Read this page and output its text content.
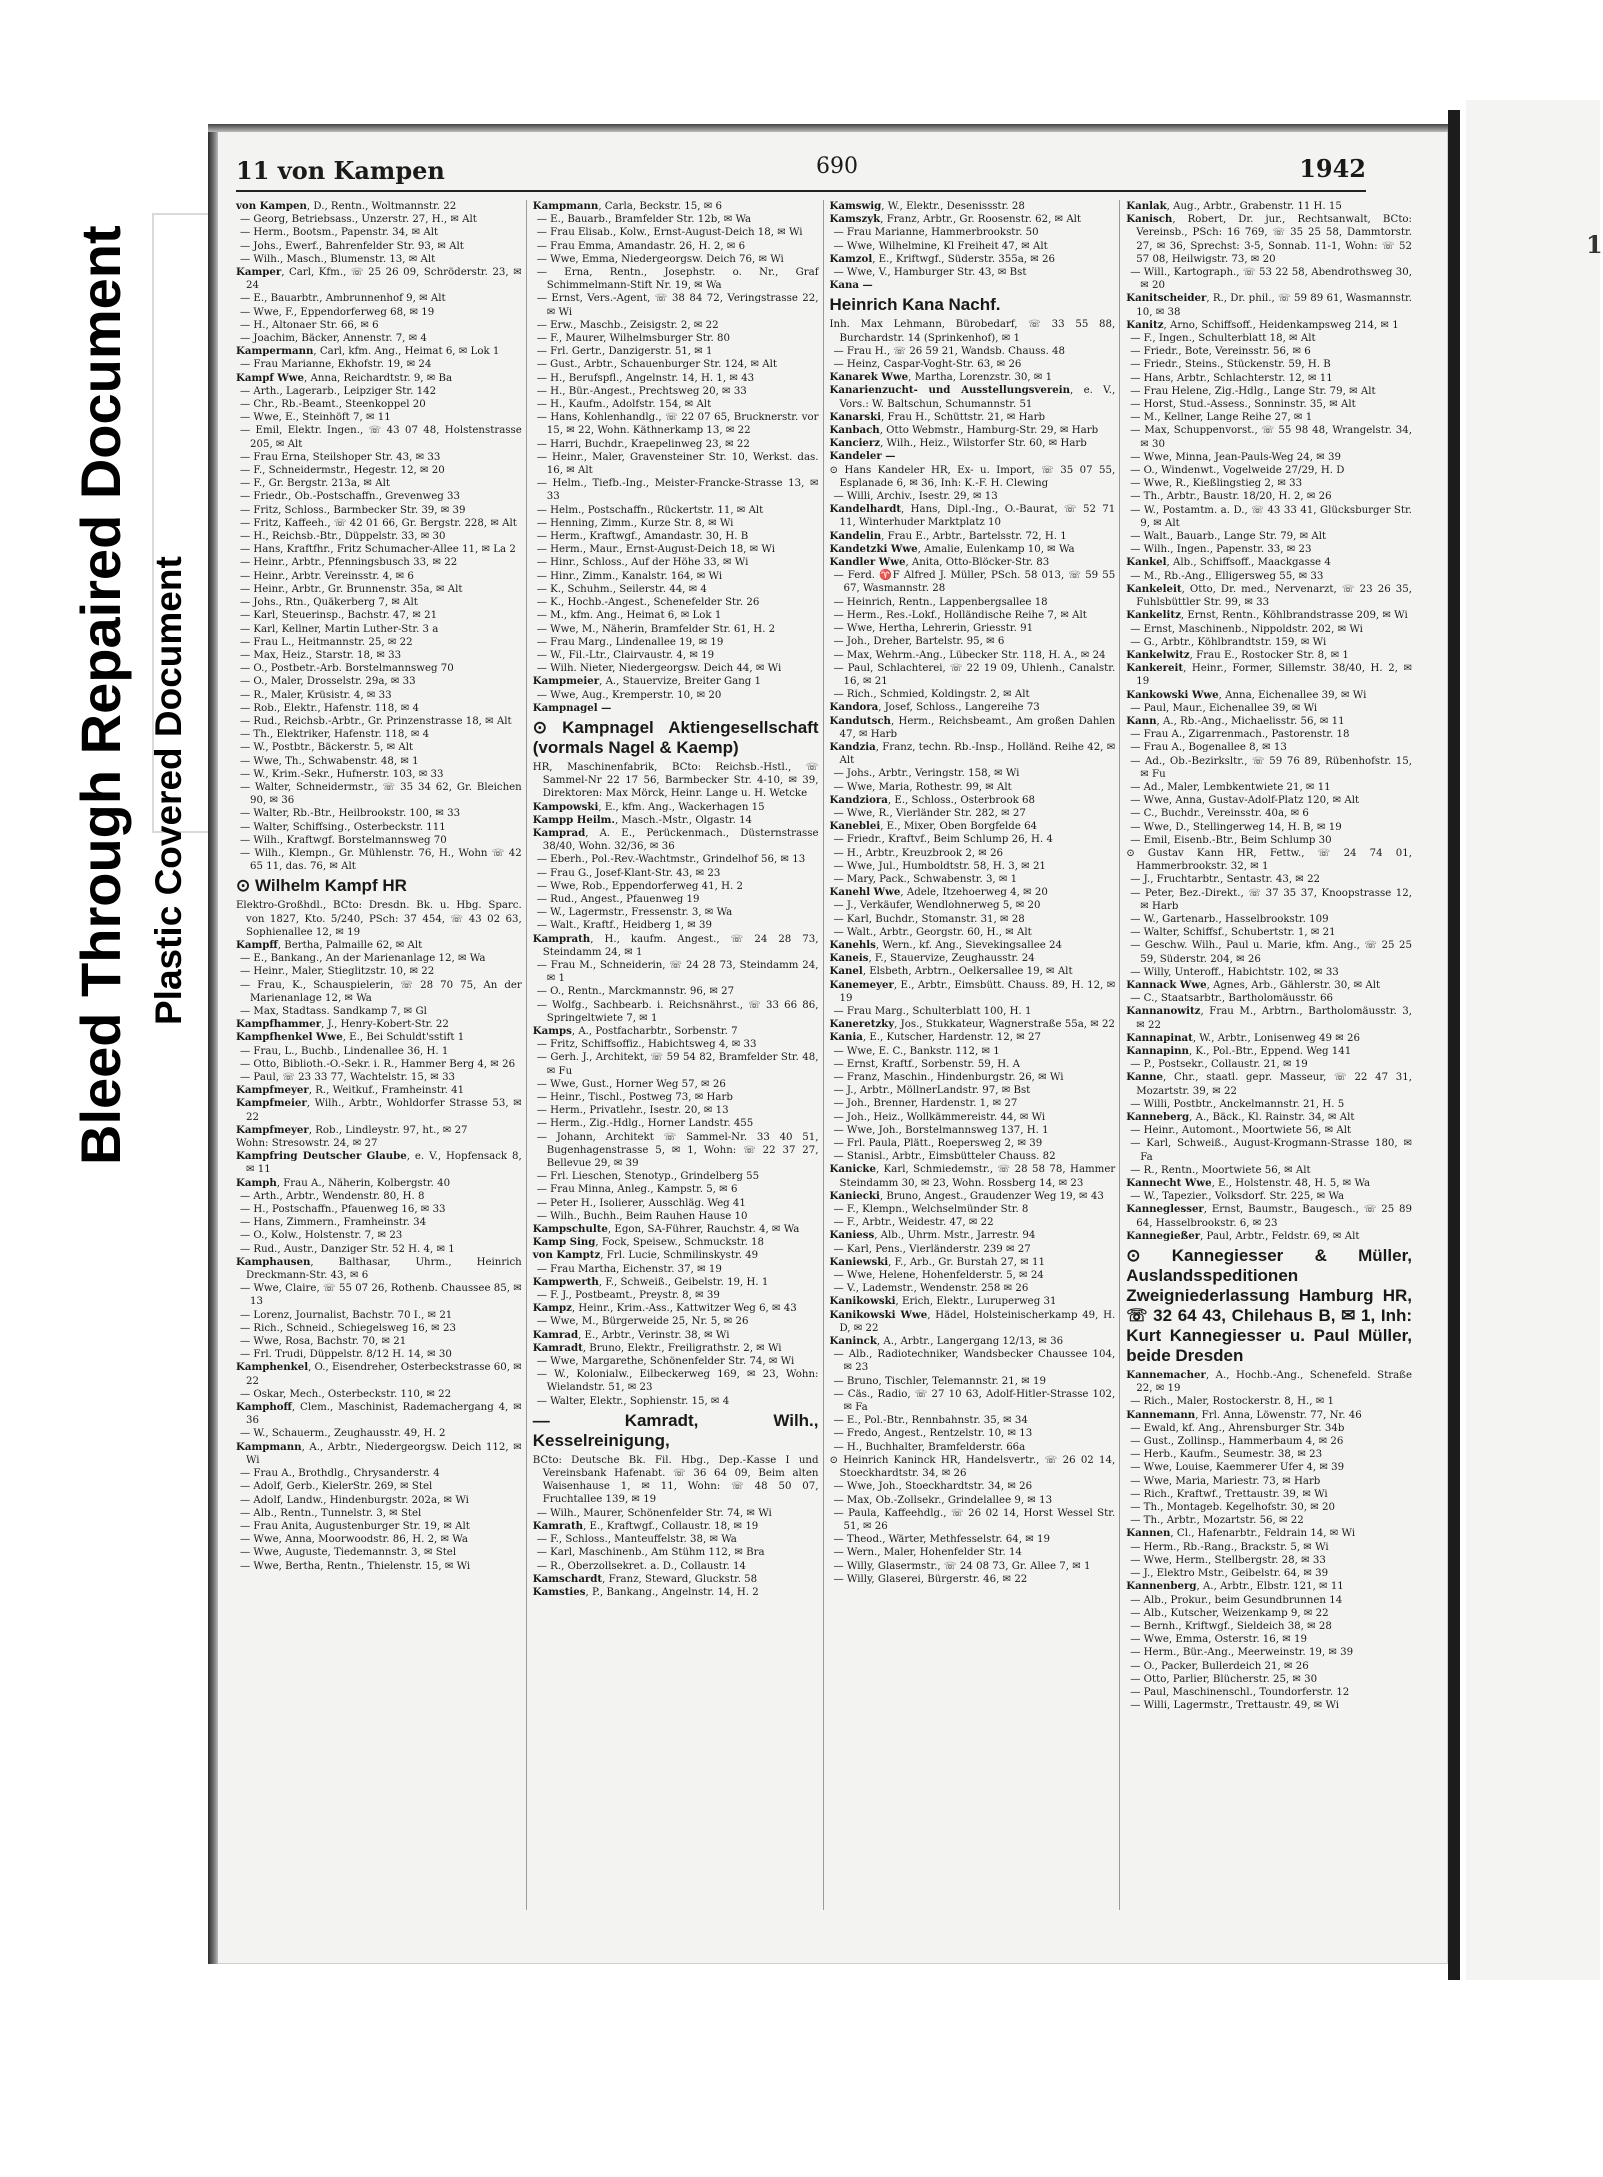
Bleed Through Repaired Document Plastic Covered Document
1
11 von Kampen	690	1942

von Kampen, D., Rentn., Woltmannstr. 22

— Georg, Betriebsass., Unzerstr. 27, H., ✉ Alt

— Herm., Bootsm., Papenstr. 34, ✉ Alt

— Johs., Ewerf., Bahrenfelder Str. 93, ✉ Alt

— Wilh., Masch., Blumenstr. 13, ✉ Alt

Kamper, Carl, Kfm., ☏ 25 26 09, Schröderstr. 23, ✉ 24

— E., Bauarbtr., Ambrunnenhof 9, ✉ Alt

— Wwe, F., Eppendorferweg 68, ✉ 19

— H., Altonaer Str. 66, ✉ 6

— Joachim, Bäcker, Annenstr. 7, ✉ 4

Kampermann, Carl, kfm. Ang., Heimat 6, ✉ Lok 1

— Frau Marianne, Ekhofstr. 19, ✉ 24

Kampf Wwe, Anna, Reichardtstr. 9, ✉ Ba

— Arth., Lagerarb., Leipziger Str. 142

— Chr., Rb.-Beamt., Steenkoppel 20

— Wwe, E., Steinhöft 7, ✉ 11

— Emil, Elektr. Ingen., ☏ 43 07 48, Holstenstrasse 205, ✉ Alt

— Frau Erna, Steilshoper Str. 43, ✉ 33

— F., Schneidermstr., Hegestr. 12, ✉ 20

— F., Gr. Bergstr. 213a, ✉ Alt

— Friedr., Ob.-Postschaffn., Grevenweg 33

— Fritz, Schloss., Barmbecker Str. 39, ✉ 39

— Fritz, Kaffeeh., ☏ 42 01 66, Gr. Bergstr. 228, ✉ Alt

— H., Reichsb.-Btr., Düppelstr. 33, ✉ 30

— Hans, Kraftfhr., Fritz Schumacher-Allee 11, ✉ La 2

— Heinr., Arbtr., Pfenningsbusch 33, ✉ 22

— Heinr., Arbtr. Vereinsstr. 4, ✉ 6

— Heinr., Arbtr., Gr. Brunnenstr. 35a, ✉ Alt

— Johs., Rtn., Quäkerberg 7, ✉ Alt

— Karl, Steuerinsp., Bachstr. 47, ✉ 21

— Karl, Kellner, Martin Luther-Str. 3 a

— Frau L., Heitmannstr. 25, ✉ 22

— Max, Heiz., Starstr. 18, ✉ 33

— O., Postbetr.-Arb. Borstelmannsweg 70

— O., Maler, Drosselstr. 29a, ✉ 33

— R., Maler, Krüsistr. 4, ✉ 33

— Rob., Elektr., Hafenstr. 118, ✉ 4

— Rud., Reichsb.-Arbtr., Gr. Prinzenstrasse 18, ✉ Alt

— Th., Elektriker, Hafenstr. 118, ✉ 4

— W., Postbtr., Bäckerstr. 5, ✉ Alt

— Wwe, Th., Schwabenstr. 48, ✉ 1

— W., Krim.-Sekr., Hufnerstr. 103, ✉ 33

— Walter, Schneidermstr., ☏ 35 34 62, Gr. Bleichen 90, ✉ 36

— Walter, Rb.-Btr., Heilbrookstr. 100, ✉ 33

— Walter, Schiffsing., Osterbeckstr. 111

— Wilh., Kraftwgf. Borstelmannsweg 70

— Wilh., Klempn., Gr. Mühlenstr. 76, H., Wohn ☏ 42 65 11, das. 76, ✉ Alt

⊙ Wilhelm Kampf HR

Elektro-Großhdl., BCto: Dresdn. Bk. u. Hbg. Sparc. von 1827, Kto. 5/240, PSch: 37 454, ☏ 43 02 63, Sophienallee 12, ✉ 19

Kampff, Bertha, Palmaille 62, ✉ Alt

— E., Bankang., An der Marienanlage 12, ✉ Wa

— Heinr., Maler, Stieglitzstr. 10, ✉ 22

— Frau, K., Schauspielerin, ☏ 28 70 75, An der Marienanlage 12, ✉ Wa

— Max, Stadtass. Sandkamp 7, ✉ Gl

Kampfhammer, J., Henry-Kobert-Str. 22

Kampfhenkel Wwe, E., Bei Schuldt'sstift 1

— Frau, L., Buchb., Lindenallee 36, H. 1

— Otto, Biblioth.-O.-Sekr. i. R., Hammer Berg 4, ✉ 26

— Paul, ☏ 23 33 77, Wachtelstr. 15, ✉ 33

Kampfmeyer, R., Weitkuf., Framheinstr. 41

Kampfmeier, Wilh., Arbtr., Wohldorfer Strasse 53, ✉ 22

Kampfmeyer, Rob., Lindleystr. 97, ht., ✉ 27

Wohn: Stresowstr. 24, ✉ 27

Kampfring Deutscher Glaube, e. V., Hopfensack 8, ✉ 11

Kamph, Frau A., Näherin, Kolbergstr. 40

— Arth., Arbtr., Wendenstr. 80, H. 8

— H., Postschaffn., Pfauenweg 16, ✉ 33

— Hans, Zimmern., Framheinstr. 34

— O., Kolw., Holstenstr. 7, ✉ 23

— Rud., Austr., Danziger Str. 52 H. 4, ✉ 1

Kamphausen, Balthasar, Uhrm., Heinrich Dreckmann-Str. 43, ✉ 6

— Wwe, Claire, ☏ 55 07 26, Rothenb. Chaussee 85, ✉ 13

— Lorenz, Journalist, Bachstr. 70 I., ✉ 21

— Rich., Schneid., Schiegelsweg 16, ✉ 23

— Wwe, Rosa, Bachstr. 70, ✉ 21

— Frl. Trudi, Düppelstr. 8/12 H. 14, ✉ 30

Kamphenkel, O., Eisendreher, Osterbeckstrasse 60, ✉ 22

— Oskar, Mech., Osterbeckstr. 110, ✉ 22

Kamphoff, Clem., Maschinist, Rademachergang 4, ✉ 36

— W., Schauerm., Zeughausstr. 49, H. 2

Kampmann, A., Arbtr., Niedergeorgsw. Deich 112, ✉ Wi

— Frau A., Brothdlg., Chrysanderstr. 4

— Adolf, Gerb., KielerStr. 269, ✉ Stel

— Adolf, Landw., Hindenburgstr. 202a, ✉ Wi

— Alb., Rentn., Tunnelstr. 3, ✉ Stel

— Frau Anita, Augustenburger Str. 19, ✉ Alt

— Wwe, Anna, Moorwoodstr. 86, H. 2, ✉ Wa

— Wwe, Auguste, Tiedemannstr. 3, ✉ Stel

— Wwe, Bertha, Rentn., Thielenstr. 15, ✉ Wi

Kampmann, Carla, Beckstr. 15, ✉ 6

— E., Bauarb., Bramfelder Str. 12b, ✉ Wa

— Frau Elisab., Kolw., Ernst-August-Deich 18, ✉ Wi

— Frau Emma, Amandastr. 26, H. 2, ✉ 6

— Wwe, Emma, Niedergeorgsw. Deich 76, ✉ Wi

— Erna, Rentn., Josephstr. o. Nr., Graf Schimmelmann-Stift Nr. 19, ✉ Wa

— Ernst, Vers.-Agent, ☏ 38 84 72, Veringstrasse 22, ✉ Wi

— Erw., Maschb., Zeisigstr. 2, ✉ 22

— F., Maurer, Wilhelmsburger Str. 80

— Frl. Gertr., Danzigerstr. 51, ✉ 1

— Gust., Arbtr., Schauenburger Str. 124, ✉ Alt

— H., Berufspfl., Angelnstr. 14, H. 1, ✉ 43

— H., Bür.-Angest., Prechtsweg 20, ✉ 33

— H., Kaufm., Adolfstr. 154, ✉ Alt

— Hans, Kohlenhandlg., ☏ 22 07 65, Brucknerstr. vor 15, ✉ 22, Wohn. Käthnerkamp 13, ✉ 22

— Harri, Buchdr., Kraepelinweg 23, ✉ 22

— Heinr., Maler, Gravensteiner Str. 10, Werkst. das. 16, ✉ Alt

— Helm., Tiefb.-Ing., Meister-Francke-Strasse 13, ✉ 33

— Helm., Postschaffn., Rückertstr. 11, ✉ Alt

— Henning, Zimm., Kurze Str. 8, ✉ Wi

— Herm., Kraftwgf., Amandastr. 30, H. B

— Herm., Maur., Ernst-August-Deich 18, ✉ Wi

— Hinr., Schloss., Auf der Höhe 33, ✉ Wi

— Hinr., Zimm., Kanalstr. 164, ✉ Wi

— K., Schuhm., Seilerstr. 44, ✉ 4

— K., Hochb.-Angest., Schenefelder Str. 26

— M., kfm. Ang., Heimat 6, ✉ Lok 1

— Wwe, M., Näherin, Bramfelder Str. 61, H. 2

— Frau Marg., Lindenallee 19, ✉ 19

— W., Fil.-Ltr., Clairvaustr. 4, ✉ 19

— Wilh. Nieter, Niedergeorgsw. Deich 44, ✉ Wi

Kampmeier, A., Stauervize, Breiter Gang 1

— Wwe, Aug., Kremperstr. 10, ✉ 20

Kampnagel —

⊙ Kampnagel Aktiengesellschaft (vormals Nagel & Kaemp)

HR, Maschinenfabrik, BCto: Reichsb.-Hstl., ☏ Sammel-Nr 22 17 56, Barmbecker Str. 4-10, ✉ 39, Direktoren: Max Mörck, Heinr. Lange u. H. Wetcke

Kampowski, E., kfm. Ang., Wackerhagen 15

Kampp Heilm., Masch.-Mstr., Olgastr. 14

Kamprad, A. E., Perückenmach., Düsternstrasse 38/40, Wohn. 32/36, ✉ 36

— Eberh., Pol.-Rev.-Wachtmstr., Grindelhof 56, ✉ 13

— Frau G., Josef-Klant-Str. 43, ✉ 23

— Wwe, Rob., Eppendorferweg 41, H. 2

— Rud., Angest., Pfauenweg 19

— W., Lagermstr., Fressenstr. 3, ✉ Wa

— Walt., Kraftf., Heidberg 1, ✉ 39

Kamprath, H., kaufm. Angest., ☏ 24 28 73, Steindamm 24, ✉ 1

— Frau M., Schneiderin, ☏ 24 28 73, Steindamm 24, ✉ 1

— O., Rentn., Marckmannstr. 96, ✉ 27

— Wolfg., Sachbearb. i. Reichsnährst., ☏ 33 66 86, Springeltwiete 7, ✉ 1

Kamps, A., Postfacharbtr., Sorbenstr. 7

— Fritz, Schiffsoffiz., Habichtsweg 4, ✉ 33

— Gerh. J., Architekt, ☏ 59 54 82, Bramfelder Str. 48, ✉ Fu

— Wwe, Gust., Horner Weg 57, ✉ 26

— Heinr., Tischl., Postweg 73, ✉ Harb

— Herm., Privatlehr., Isestr. 20, ✉ 13

— Herm., Zig.-Hdlg., Horner Landstr. 455

— Johann, Architekt ☏ Sammel-Nr. 33 40 51, Bugenhagenstrasse 5, ✉ 1, Wohn: ☏ 22 37 27, Bellevue 29, ✉ 39

— Frl. Lieschen, Stenotyp., Grindelberg 55

— Frau Minna, Anleg., Kampstr. 5, ✉ 6

— Peter H., Isolierer, Ausschläg. Weg 41

— Wilh., Buchh., Beim Rauhen Hause 10

Kampschulte, Egon, SA-Führer, Rauchstr. 4, ✉ Wa

Kamp Sing, Fock, Speisew., Schmuckstr. 18

von Kamptz, Frl. Lucie, Schmilinskystr. 49

— Frau Martha, Eichenstr. 37, ✉ 19

Kampwerth, F., Schweiß., Geibelstr. 19, H. 1

— F. J., Postbeamt., Preystr. 8, ✉ 39

Kampz, Heinr., Krim.-Ass., Kattwitzer Weg 6, ✉ 43

— Wwe, M., Bürgerweide 25, Nr. 5, ✉ 26

Kamrad, E., Arbtr., Verinstr. 38, ✉ Wi

Kamradt, Bruno, Elektr., Freiligrathstr. 2, ✉ Wi

— Wwe, Margarethe, Schönenfelder Str. 74, ✉ Wi

— W., Kolonialw., Eilbeckerweg 169, ✉ 23, Wohn: Wielandstr. 51, ✉ 23

— Walter, Elektr., Sophienstr. 15, ✉ 4

— Kamradt, Wilh., Kesselreinigung,

BCto: Deutsche Bk. Fil. Hbg., Dep.-Kasse I und Vereinsbank Hafenabt. ☏ 36 64 09, Beim alten Waisenhause 1, ✉ 11, Wohn: ☏ 48 50 07, Fruchtallee 139, ✉ 19

— Wilh., Maurer, Schönenfelder Str. 74, ✉ Wi

Kamrath, E., Kraftwgf., Collaustr. 18, ✉ 19

— F., Schloss., Manteuffelstr. 38, ✉ Wa

— Karl, Maschinenb., Am Stühm 112, ✉ Bra

— R., Oberzollsekret. a. D., Collaustr. 14

Kamschardt, Franz, Steward, Gluckstr. 58

Kamsties, P., Bankang., Angelnstr. 14, H. 2

Kamswig, W., Elektr., Desenissstr. 28

Kamszyk, Franz, Arbtr., Gr. Roosenstr. 62, ✉ Alt

— Frau Marianne, Hammerbrookstr. 50

— Wwe, Wilhelmine, Kl Freiheit 47, ✉ Alt

Kamzol, E., Kriftwgf., Süderstr. 355a, ✉ 26

— Wwe, V., Hamburger Str. 43, ✉ Bst

Kana —

Heinrich Kana Nachf.

Inh. Max Lehmann, Bürobedarf, ☏ 33 55 88, Burchardstr. 14 (Sprinkenhof), ✉ 1

— Frau H., ☏ 26 59 21, Wandsb. Chauss. 48

— Heinz, Caspar-Voght-Str. 63, ✉ 26

Kanarek Wwe, Martha, Lorenzstr. 30, ✉ 1

Kanarienzucht- und Ausstellungsverein, e. V., Vors.: W. Baltschun, Schumannstr. 51

Kanarski, Frau H., Schüttstr. 21, ✉ Harb

Kanbach, Otto Webmstr., Hamburg-Str. 29, ✉ Harb

Kancierz, Wilh., Heiz., Wilstorfer Str. 60, ✉ Harb

Kandeler —

⊙ Hans Kandeler HR, Ex- u. Import, ☏ 35 07 55, Esplanade 6, ✉ 36, Inh: K.-F. H. Clewing

— Willi, Archiv., Isestr. 29, ✉ 13

Kandelhardt, Hans, Dipl.-Ing., O.-Baurat, ☏ 52 71 11, Winterhuder Marktplatz 10

Kandelin, Frau E., Arbtr., Bartelsstr. 72, H. 1

Kandetzki Wwe, Amalie, Eulenkamp 10, ✉ Wa

Kandler Wwe, Anita, Otto-Blöcker-Str. 83

— Ferd. ♈F Alfred J. Müller, PSch. 58 013, ☏ 59 55 67, Wasmannstr. 28

— Heinrich, Rentn., Lappenbergsallee 18

— Herm., Res.-Lokf., Holländische Reihe 7, ✉ Alt

— Wwe, Hertha, Lehrerin, Griesstr. 91

— Joh., Dreher, Bartelstr. 95, ✉ 6

— Max, Wehrm.-Ang., Lübecker Str. 118, H. A., ✉ 24

— Paul, Schlachterei, ☏ 22 19 09, Uhlenh., Canalstr. 16, ✉ 21

— Rich., Schmied, Koldingstr. 2, ✉ Alt

Kandora, Josef, Schloss., Langereihe 73

Kandutsch, Herm., Reichsbeamt., Am großen Dahlen 47, ✉ Harb

Kandzia, Franz, techn. Rb.-Insp., Holländ. Reihe 42, ✉ Alt

— Johs., Arbtr., Veringstr. 158, ✉ Wi

— Wwe, Maria, Rothestr. 99, ✉ Alt

Kandziora, E., Schloss., Osterbrook 68

— Wwe, R., Vierländer Str. 282, ✉ 27

Kaneblei, E., Mixer, Oben Borgfelde 64

— Friedr., Kraftvf., Beim Schlump 26, H. 4

— H., Arbtr., Kreuzbrook 2, ✉ 26

— Wwe, Jul., Humboldtstr. 58, H. 3, ✉ 21

— Mary, Pack., Schwabenstr. 3, ✉ 1

Kanehl Wwe, Adele, Itzehoerweg 4, ✉ 20

— J., Verkäufer, Wendlohnerweg 5, ✉ 20

— Karl, Buchdr., Stomanstr. 31, ✉ 28

— Walt., Arbtr., Georgstr. 60, H., ✉ Alt

Kanehls, Wern., kf. Ang., Sievekingsallee 24

Kaneis, F., Stauervize, Zeughausstr. 24

Kanel, Elsbeth, Arbtrn., Oelkersallee 19, ✉ Alt

Kanemeyer, E., Arbtr., Eimsbütt. Chauss. 89, H. 12, ✉ 19

— Frau Marg., Schulterblatt 100, H. 1

Kaneretzky, Jos., Stukkateur, Wagnerstraße 55a, ✉ 22

Kania, E., Kutscher, Hardenstr. 12, ✉ 27

— Wwe, E. C., Bankstr. 112, ✉ 1

— Ernst, Kraftf., Sorbenstr. 59, H. A

— Franz, Maschin., Hindenburgstr. 26, ✉ Wi

— J., Arbtr., MöllnerLandstr. 97, ✉ Bst

— Joh., Brenner, Hardenstr. 1, ✉ 27

— Joh., Heiz., Wollkämmereistr. 44, ✉ Wi

— Wwe, Joh., Borstelmannsweg 137, H. 1

— Frl. Paula, Plätt., Roepersweg 2, ✉ 39

— Stanisl., Arbtr., Eimsbütteler Chauss. 82

Kanicke, Karl, Schmiedemstr., ☏ 28 58 78, Hammer Steindamm 30, ✉ 23, Wohn. Rossberg 14, ✉ 23

Kaniecki, Bruno, Angest., Graudenzer Weg 19, ✉ 43

— F., Klempn., Welchselmünder Str. 8

— F., Arbtr., Weidestr. 47, ✉ 22

Kaniess, Alb., Uhrm. Mstr., Jarrestr. 94

— Karl, Pens., Vierländerstr. 239 ✉ 27

Kaniewski, F., Arb., Gr. Burstah 27, ✉ 11

— Wwe, Helene, Hohenfelderstr. 5, ✉ 24

— V., Lademstr., Wendenstr. 258 ✉ 26

Kanikowski, Erich, Elektr., Luruperweg 31

Kanikowski Wwe, Hädel, Holsteinischerkamp 49, H. D, ✉ 22

Kaninck, A., Arbtr., Langergang 12/13, ✉ 36

— Alb., Radiotechniker, Wandsbecker Chaussee 104, ✉ 23

— Bruno, Tischler, Telemannstr. 21, ✉ 19

— Cäs., Radio, ☏ 27 10 63, Adolf-Hitler-Strasse 102, ✉ Fa

— E., Pol.-Btr., Rennbahnstr. 35, ✉ 34

— Fredo, Angest., Rentzelstr. 10, ✉ 13

— H., Buchhalter, Bramfelderstr. 66a

⊙ Heinrich Kaninck HR, Handelsvertr., ☏ 26 02 14, Stoeckhardtstr. 34, ✉ 26

— Wwe, Joh., Stoeckhardtstr. 34, ✉ 26

— Max, Ob.-Zollsekr., Grindelallee 9, ✉ 13

— Paula, Kaffeehdlg., ☏ 26 02 14, Horst Wessel Str. 51, ✉ 26

— Theod., Wärter, Methfesselstr. 64, ✉ 19

— Wern., Maler, Hohenfelder Str. 14

— Willy, Glasermstr., ☏ 24 08 73, Gr. Allee 7, ✉ 1

— Willy, Glaserei, Bürgerstr. 46, ✉ 22

Kanlak, Aug., Arbtr., Grabenstr. 11 H. 15

Kanisch, Robert, Dr. jur., Rechtsanwalt, BCto: Vereinsb., PSch: 16 769, ☏ 35 25 58, Dammtorstr. 27, ✉ 36, Sprechst: 3-5, Sonnab. 11-1, Wohn: ☏ 52 57 08, Heilwigstr. 73, ✉ 20

— Will., Kartograph., ☏ 53 22 58, Abendrothsweg 30, ✉ 20

Kanitscheider, R., Dr. phil., ☏ 59 89 61, Wasmannstr. 10, ✉ 38

Kanitz, Arno, Schiffsoff., Heidenkampsweg 214, ✉ 1

— F., Ingen., Schulterblatt 18, ✉ Alt

— Friedr., Bote, Vereinsstr. 56, ✉ 6

— Friedr., Steins., Stückenstr. 59, H. B

— Hans, Arbtr., Schlachterstr. 12, ✉ 11

— Frau Helene, Zig.-Hdlg., Lange Str. 79, ✉ Alt

— Horst, Stud.-Assess., Sonninstr. 35, ✉ Alt

— M., Kellner, Lange Reihe 27, ✉ 1

— Max, Schuppenvorst., ☏ 55 98 48, Wrangelstr. 34, ✉ 30

— Wwe, Minna, Jean-Pauls-Weg 24, ✉ 39

— O., Windenwt., Vogelweide 27/29, H. D

— Wwe, R., Kießlingstieg 2, ✉ 33

— Th., Arbtr., Baustr. 18/20, H. 2, ✉ 26

— W., Postamtm. a. D., ☏ 43 33 41, Glücksburger Str. 9, ✉ Alt

— Walt., Bauarb., Lange Str. 79, ✉ Alt

— Wilh., Ingen., Papenstr. 33, ✉ 23

Kankel, Alb., Schiffsoff., Maackgasse 4

— M., Rb.-Ang., Elligersweg 55, ✉ 33

Kankeleit, Otto, Dr. med., Nervenarzt, ☏ 23 26 35, Fuhlsbüttler Str. 99, ✉ 33

Kankelitz, Ernst, Rentn., Köhlbrandstrasse 209, ✉ Wi

— Ernst, Maschinenb., Nippoldstr. 202, ✉ Wi

— G., Arbtr., Köhlbrandtstr. 159, ✉ Wi

Kankelwitz, Frau E., Rostocker Str. 8, ✉ 1

Kankereit, Heinr., Former, Sillemstr. 38/40, H. 2, ✉ 19

Kankowski Wwe, Anna, Eichenallee 39, ✉ Wi

— Paul, Maur., Eichenallee 39, ✉ Wi

Kann, A., Rb.-Ang., Michaelisstr. 56, ✉ 11

— Frau A., Zigarrenmach., Pastorenstr. 18

— Frau A., Bogenallee 8, ✉ 13

— Ad., Ob.-Bezirksltr., ☏ 59 76 89, Rübenhofstr. 15, ✉ Fu

— Ad., Maler, Lembkentwiete 21, ✉ 11

— Wwe, Anna, Gustav-Adolf-Platz 120, ✉ Alt

— C., Buchdr., Vereinsstr. 40a, ✉ 6

— Wwe, D., Stellingerweg 14, H. B, ✉ 19

— Emil, Eisenb.-Btr., Beim Schlump 30

⊙ Gustav Kann HR, Fettw., ☏ 24 74 01, Hammerbrookstr. 32, ✉ 1

— J., Fruchtarbtr., Sentastr. 43, ✉ 22

— Peter, Bez.-Direkt., ☏ 37 35 37, Knoopstrasse 12, ✉ Harb

— W., Gartenarb., Hasselbrookstr. 109

— Walter, Schiffsf., Schubertstr. 1, ✉ 21

— Geschw. Wilh., Paul u. Marie, kfm. Ang., ☏ 25 25 59, Süderstr. 204, ✉ 26

— Willy, Unteroff., Habichtstr. 102, ✉ 33

Kannack Wwe, Agnes, Arb., Gählerstr. 30, ✉ Alt

— C., Staatsarbtr., Bartholomäusstr. 66

Kannanowitz, Frau M., Arbtrn., Bartholomäusstr. 3, ✉ 22

Kannapinat, W., Arbtr., Lonisenweg 49 ✉ 26

Kannapinn, K., Pol.-Btr., Eppend. Weg 141

— P., Postsekr., Collaustr. 21, ✉ 19

Kanne, Chr., staatl. gepr. Masseur, ☏ 22 47 31, Mozartstr. 39, ✉ 22

— Willi, Postbtr., Anckelmannstr. 21, H. 5

Kanneberg, A., Bäck., Kl. Rainstr. 34, ✉ Alt

— Heinr., Automont., Moortwiete 56, ✉ Alt

— Karl, Schweiß., August-Krogmann-Strasse 180, ✉ Fa

— R., Rentn., Moortwiete 56, ✉ Alt

Kannecht Wwe, E., Holstenstr. 48, H. 5, ✉ Wa

— W., Tapezier., Volksdorf. Str. 225, ✉ Wa

Kanneglesser, Ernst, Baumstr., Baugesch., ☏ 25 89 64, Hasselbrookstr. 6, ✉ 23

Kannegießer, Paul, Arbtr., Feldstr. 69, ✉ Alt

⊙ Kannegiesser & Müller, Auslandsspeditionen Zweigniederlassung Hamburg HR, ☏ 32 64 43, Chilehaus B, ✉ 1, Inh: Kurt Kannegiesser u. Paul Müller, beide Dresden

Kannemacher, A., Hochb.-Ang., Schenefeld. Straße 22, ✉ 19

— Rich., Maler, Rostockerstr. 8, H., ✉ 1

Kannemann, Frl. Anna, Löwenstr. 77, Nr. 46

— Ewald, kf. Ang., Ahrensburger Str. 34b

— Gust., Zollinsp., Hammerbaum 4, ✉ 26

— Herb., Kaufm., Seumestr. 38, ✉ 23

— Wwe, Louise, Kaemmerer Ufer 4, ✉ 39

— Wwe, Maria, Mariestr. 73, ✉ Harb

— Rich., Kraftwf., Trettaustr. 39, ✉ Wi

— Th., Montageb. Kegelhofstr. 30, ✉ 20

— Th., Arbtr., Mozartstr. 56, ✉ 22

Kannen, Cl., Hafenarbtr., Feldrain 14, ✉ Wi

— Herm., Rb.-Rang., Brackstr. 5, ✉ Wi

— Wwe, Herm., Stellbergstr. 28, ✉ 33

— J., Elektro Mstr., Geibelstr. 64, ✉ 39

Kannenberg, A., Arbtr., Elbstr. 121, ✉ 11

— Alb., Prokur., beim Gesundbrunnen 14

— Alb., Kutscher, Weizenkamp 9, ✉ 22

— Bernh., Kriftwgf., Sieldeich 38, ✉ 28

— Wwe, Emma, Osterstr. 16, ✉ 19

— Herm., Bür.-Ang., Meerweinstr. 19, ✉ 39

— O., Packer, Bullerdeich 21, ✉ 26

— Otto, Parlier, Blücherstr. 25, ✉ 30

— Paul, Maschinenschl., Toundorferstr. 12

— Willi, Lagermstr., Trettaustr. 49, ✉ Wi
